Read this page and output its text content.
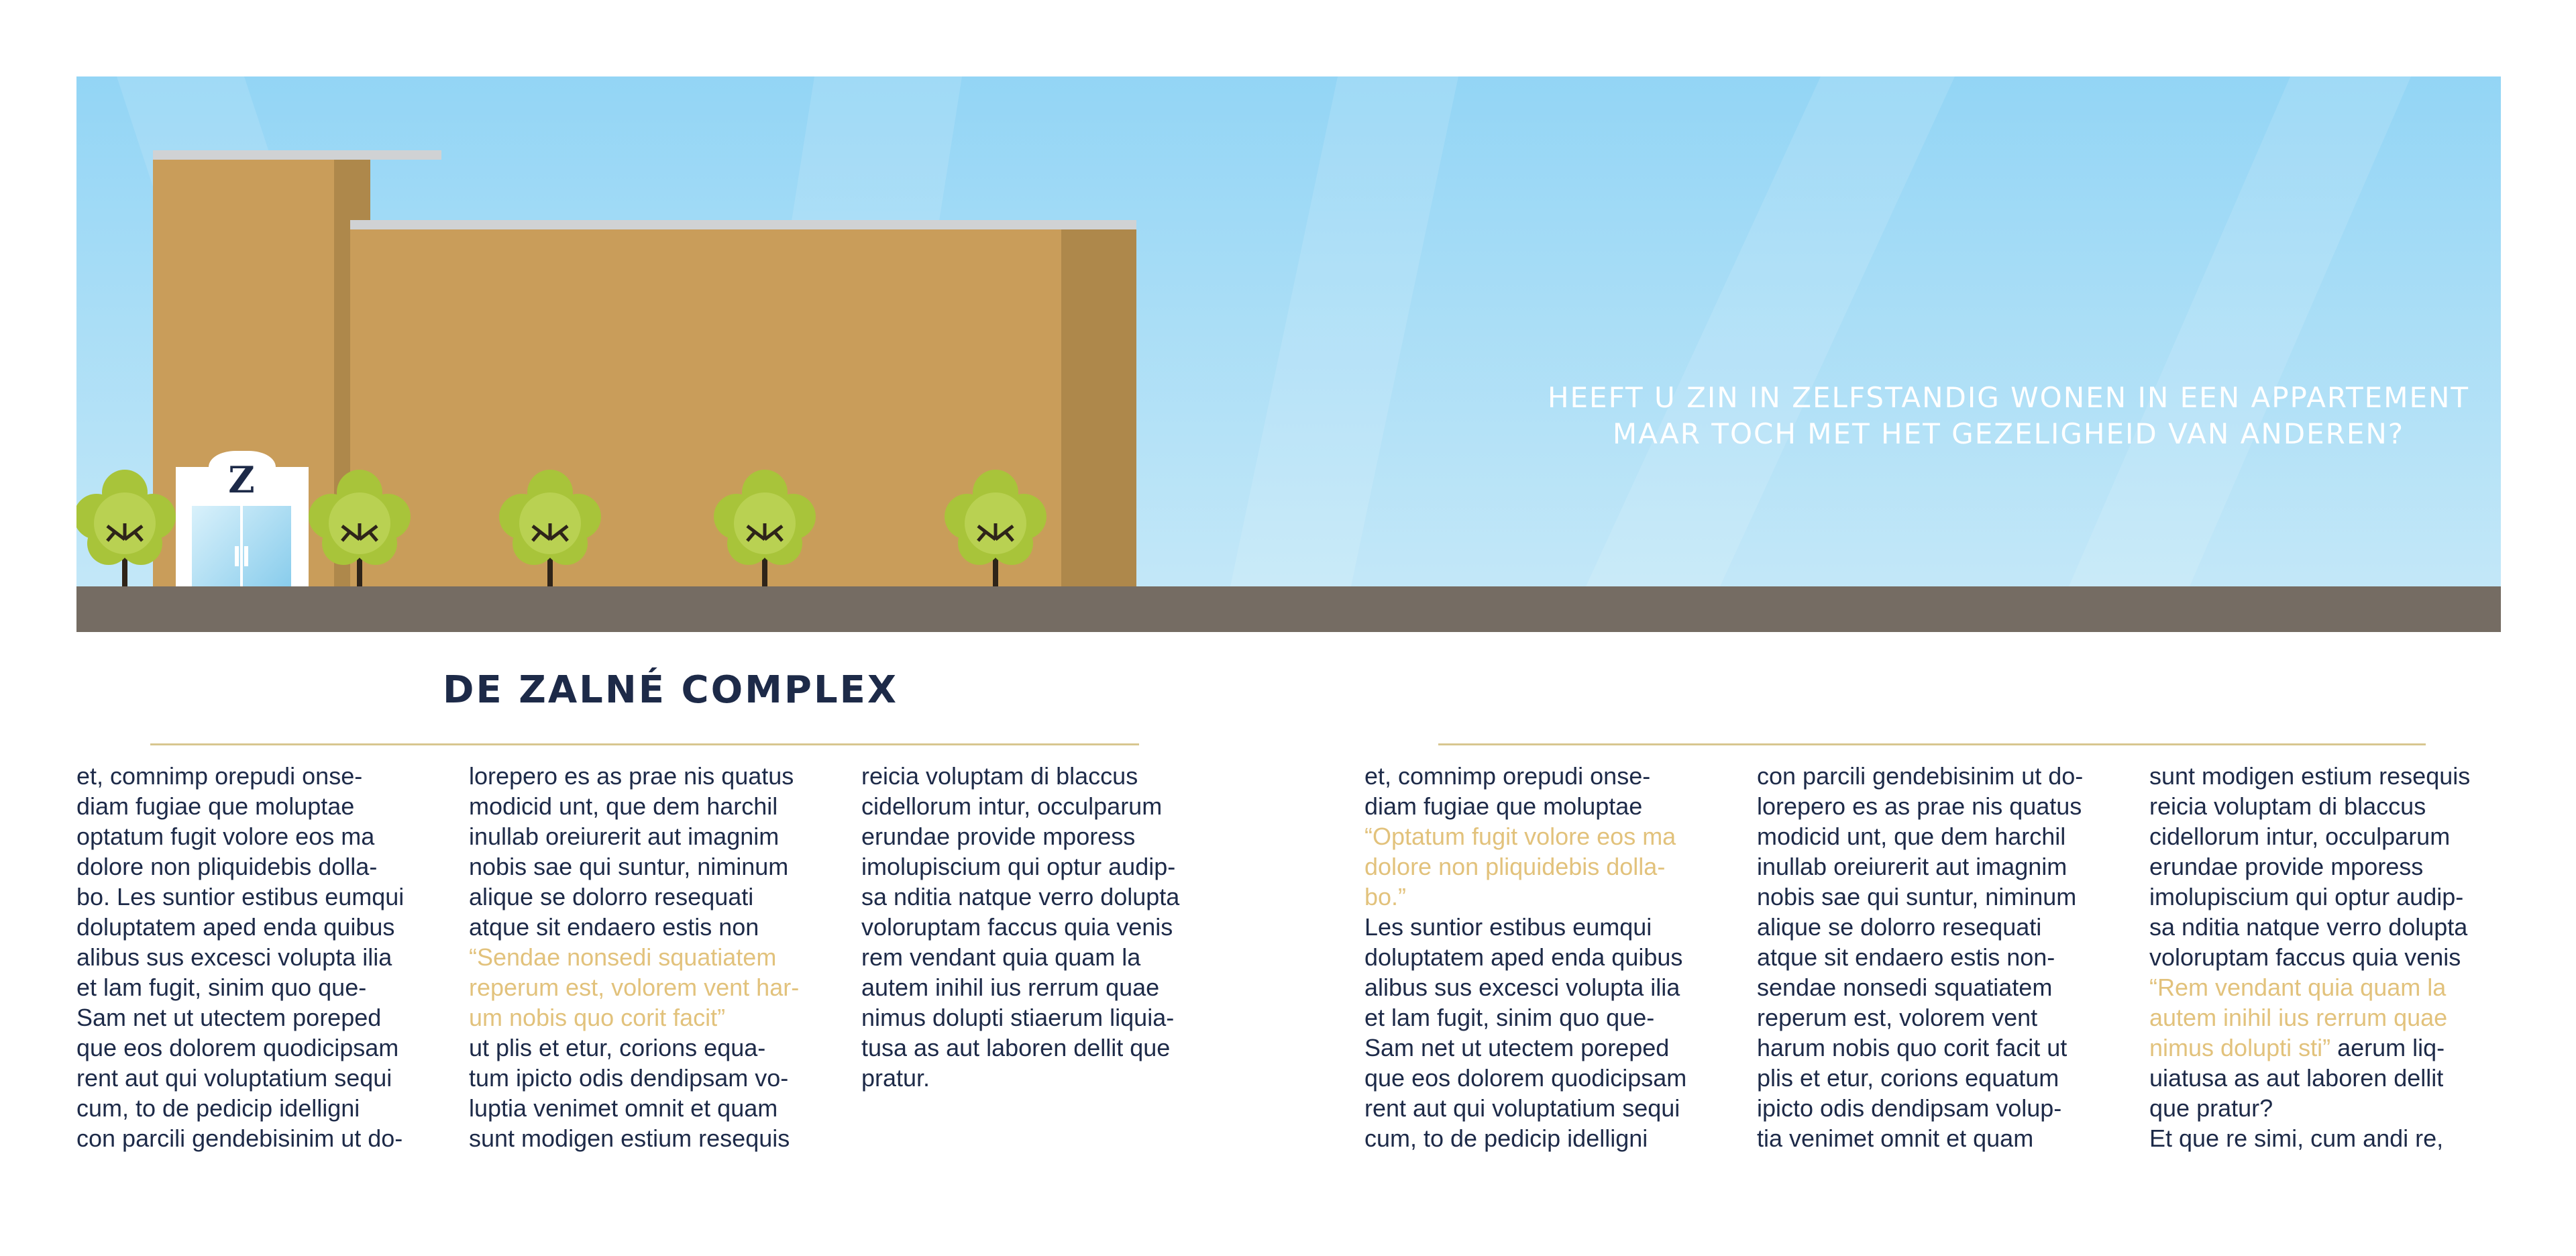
Z
HEEFT U ZIN IN ZELFSTANDIG WONEN IN EEN APPARTEMENT
MAAR TOCH MET HET GEZELIGHEID VAN ANDEREN?
DE ZALNÉ COMPLEX
et, comnimp orepudi onse-
diam fugiae que moluptae
optatum fugit volore eos ma
dolore non pliquidebis dolla-
bo. Les suntior estibus eumqui
doluptatem aped enda quibus
alibus sus excesci volupta ilia
et lam fugit, sinim quo que-
Sam net ut utectem poreped
que eos dolorem quodicipsam
rent aut qui voluptatium sequi
cum, to de pedicip idelligni
con parcili gendebisinim ut do-
lorepero es as prae nis quatus
modicid unt, que dem harchil
inullab oreiurerit aut imagnim
nobis sae qui suntur, niminum
alique se dolorro resequati
atque sit endaero estis non
“Sendae nonsedi squatiatem
reperum est, volorem vent har-
um nobis quo corit facit”
ut plis et etur, corions equa-
tum ipicto odis dendipsam vo-
luptia venimet omnit et quam
sunt modigen estium resequis
reicia voluptam di blaccus
cidellorum intur, occulparum
erundae provide mporess
imolupiscium qui optur audip-
sa nditia natque verro dolupta
voloruptam faccus quia venis
rem vendant quia quam la
autem inihil ius rerrum quae
nimus dolupti stiaerum liquia-
tusa as aut laboren dellit que
pratur.
et, comnimp orepudi onse-
diam fugiae que moluptae
“Optatum fugit volore eos ma
dolore non pliquidebis dolla-
bo.”
Les suntior estibus eumqui
doluptatem aped enda quibus
alibus sus excesci volupta ilia
et lam fugit, sinim quo que-
Sam net ut utectem poreped
que eos dolorem quodicipsam
rent aut qui voluptatium sequi
cum, to de pedicip idelligni
con parcili gendebisinim ut do-
lorepero es as prae nis quatus
modicid unt, que dem harchil
inullab oreiurerit aut imagnim
nobis sae qui suntur, niminum
alique se dolorro resequati
atque sit endaero estis non-
sendae nonsedi squatiatem
reperum est, volorem vent
harum nobis quo corit facit ut
plis et etur, corions equatum
ipicto odis dendipsam volup-
tia venimet omnit et quam
sunt modigen estium resequis
reicia voluptam di blaccus
cidellorum intur, occulparum
erundae provide mporess
imolupiscium qui optur audip-
sa nditia natque verro dolupta
voloruptam faccus quia venis
“Rem vendant quia quam la
autem inihil ius rerrum quae
nimus dolupti sti” aerum liq-
uiatusa as aut laboren dellit
que pratur?
Et que re simi, cum andi re,
